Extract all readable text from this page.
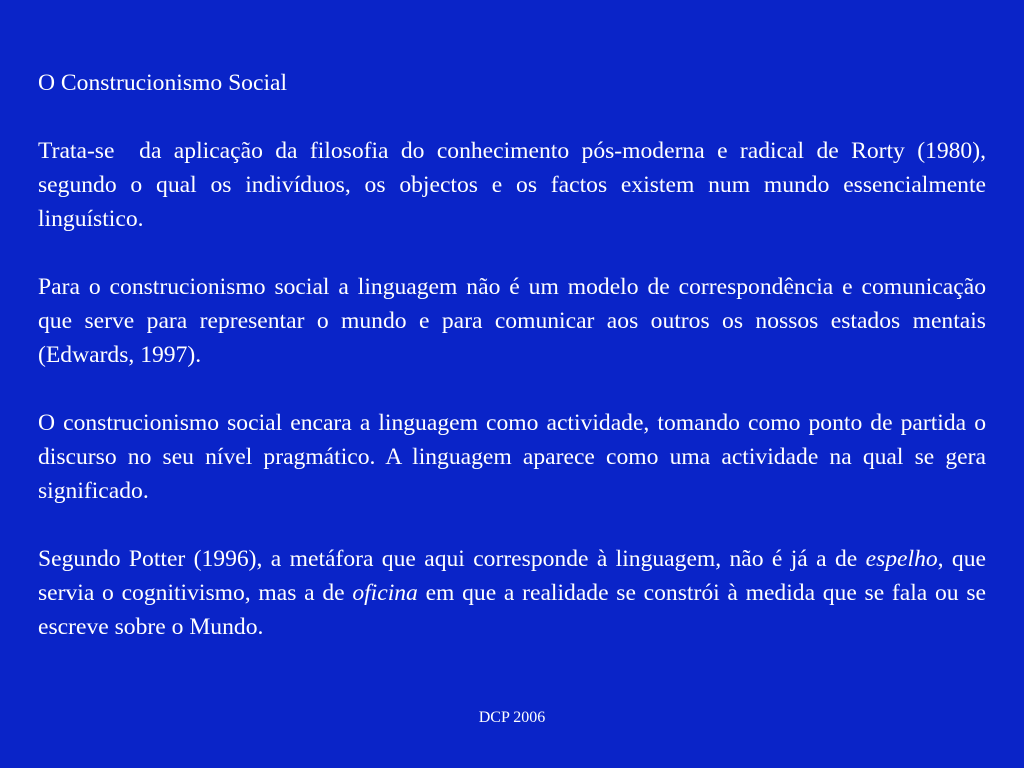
O Construcionismo Social

Trata-se  da aplicação da filosofia do conhecimento pós-moderna e radical de Rorty (1980), segundo o qual os indivíduos, os objectos e os factos existem num mundo essencialmente linguístico.

Para o construcionismo social a linguagem não é um modelo de correspondência e comunicação que serve para representar o mundo e para comunicar aos outros os nossos estados mentais (Edwards, 1997).

O construcionismo social encara a linguagem como actividade, tomando como ponto de partida o discurso no seu nível pragmático. A linguagem aparece como uma actividade na qual se gera significado.

Segundo Potter (1996), a metáfora que aqui corresponde à linguagem, não é já a de espelho, que servia o cognitivismo, mas a de oficina em que a realidade se constrói à medida que se fala ou se escreve sobre o Mundo.

DCP 2006
